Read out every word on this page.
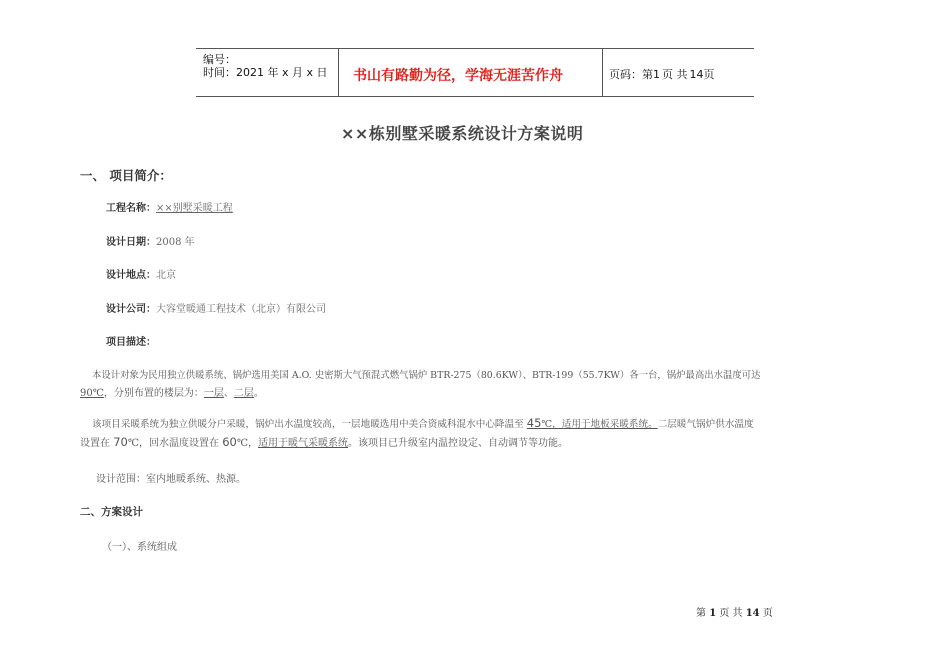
编号：
时间：2021 年 x 月 x 日 书山有路勤为径，学海无涯苦作舟	页码：第1 页 共 14页
××栋别墅采暖系统设计方案说明
一、 项目简介：
工程名称：××别墅采暖工程
设计日期：2008 年
设计地点：北京
设计公司：大容堂暖通工程技术（北京）有限公司
项目描述：
本设计对象为民用独立供暖系统、锅炉选用美国 A.O. 史密斯大气预混式燃气锅炉 BTR-275（80.6KW）、BTR-199（55.7KW）各一台，锅炉最高出水温度可达
90℃，分别布置的楼层为：一层、二层。
该项目采暖系统为独立供暖分户采暖，锅炉出水温度较高，一层地暖选用中美合资威科混水中心降温至 45℃，适用于地板采暖系统。二层暖气锅炉供水温度
设置在 70℃，回水温度设置在 60℃，适用于暖气采暖系统。该项目已升级室内温控设定、自动调节等功能。
设计范围：室内地暖系统、热源。
二、方案设计
（一）、系统组成
第 1 页 共 14 页
